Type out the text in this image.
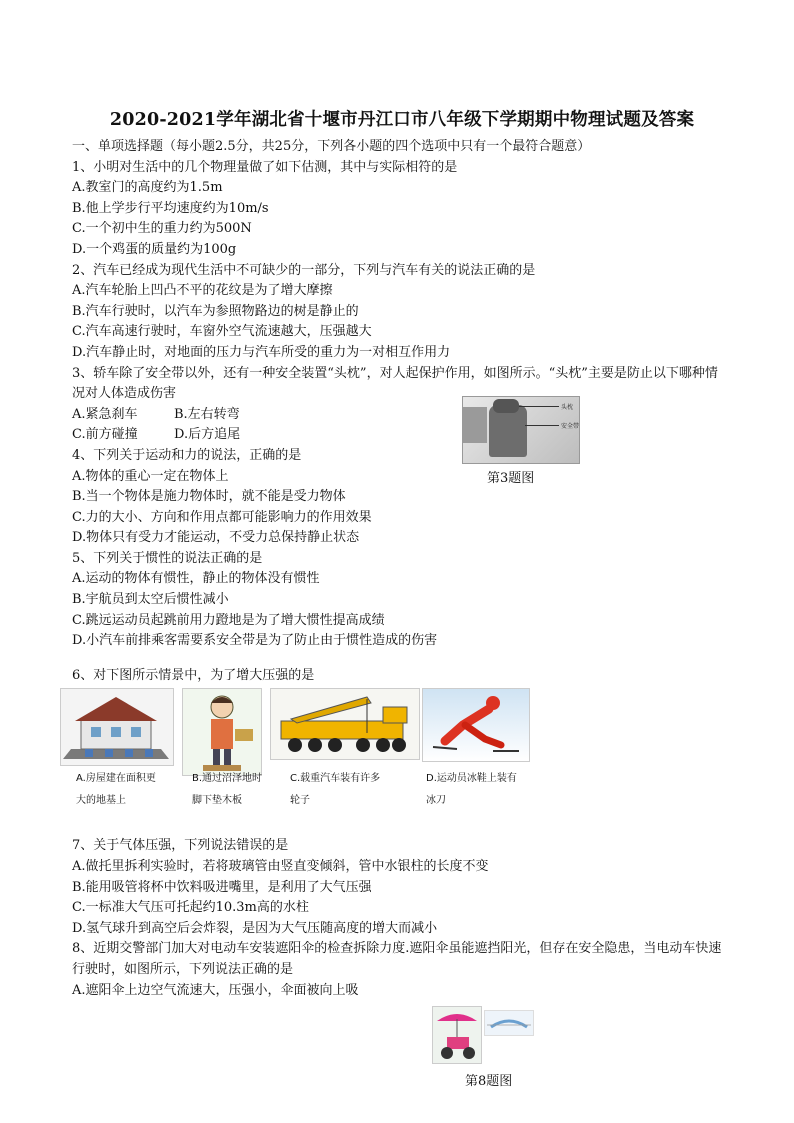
2020-2021学年湖北省十堰市丹江口市八年级下学期期中物理试题及答案

一、单项选择题（每小题2.5分，共25分，下列各小题的四个选项中只有一个最符合题意）

1、小明对生活中的几个物理量做了如下估测，其中与实际相符的是

A.教室门的高度约为1.5m

B.他上学步行平均速度约为10m/s

C.一个初中生的重力约为500N

D.一个鸡蛋的质量约为100g

2、汽车已经成为现代生活中不可缺少的一部分，下列与汽车有关的说法正确的是

A.汽车轮胎上凹凸不平的花纹是为了增大摩擦

B.汽车行驶时，以汽车为参照物路边的树是静止的

C.汽车高速行驶时，车窗外空气流速越大，压强越大

D.汽车静止时，对地面的压力与汽车所受的重力为一对相互作用力

3、轿车除了安全带以外，还有一种安全装置“头枕”，对人起保护作用，如图所示。“头枕”主要是防止以下哪种情况对人体造成伤害

A.紧急刹车	B.左右转弯
C.前方碰撞	D.后方追尾

4、下列关于运动和力的说法，正确的是

A.物体的重心一定在物体上

B.当一个物体是施力物体时，就不能是受力物体

C.力的大小、方向和作用点都可能影响力的作用效果

D.物体只有受力才能运动，不受力总保持静止状态

5、下列关于惯性的说法正确的是

A.运动的物体有惯性，静止的物体没有惯性

B.宇航员到太空后惯性减小

C.跳远运动员起跳前用力蹬地是为了增大惯性提高成绩

D.小汽车前排乘客需要系安全带是为了防止由于惯性造成的伤害

6、对下图所示情景中，为了增大压强的是

A.房屋建在面积更大的地基上
B.通过沼泽地时脚下垫木板
C.载重汽车装有许多轮子
D.运动员冰鞋上装有冰刀

7、关于气体压强，下列说法错误的是

A.做托里拆利实验时，若将玻璃管由竖直变倾斜，管中水银柱的长度不变

B.能用吸管将杯中饮料吸进嘴里，是利用了大气压强

C.一标准大气压可托起约10.3m高的水柱

D.氢气球升到高空后会炸裂，是因为大气压随高度的增大而减小

8、近期交警部门加大对电动车安装遮阳伞的检查拆除力度.遮阳伞虽能遮挡阳光，但存在安全隐患，当电动车快速行驶时，如图所示，下列说法正确的是

A.遮阳伞上边空气流速大，压强小，伞面被向上吸

头枕
安全带
第3题图
第8题图
